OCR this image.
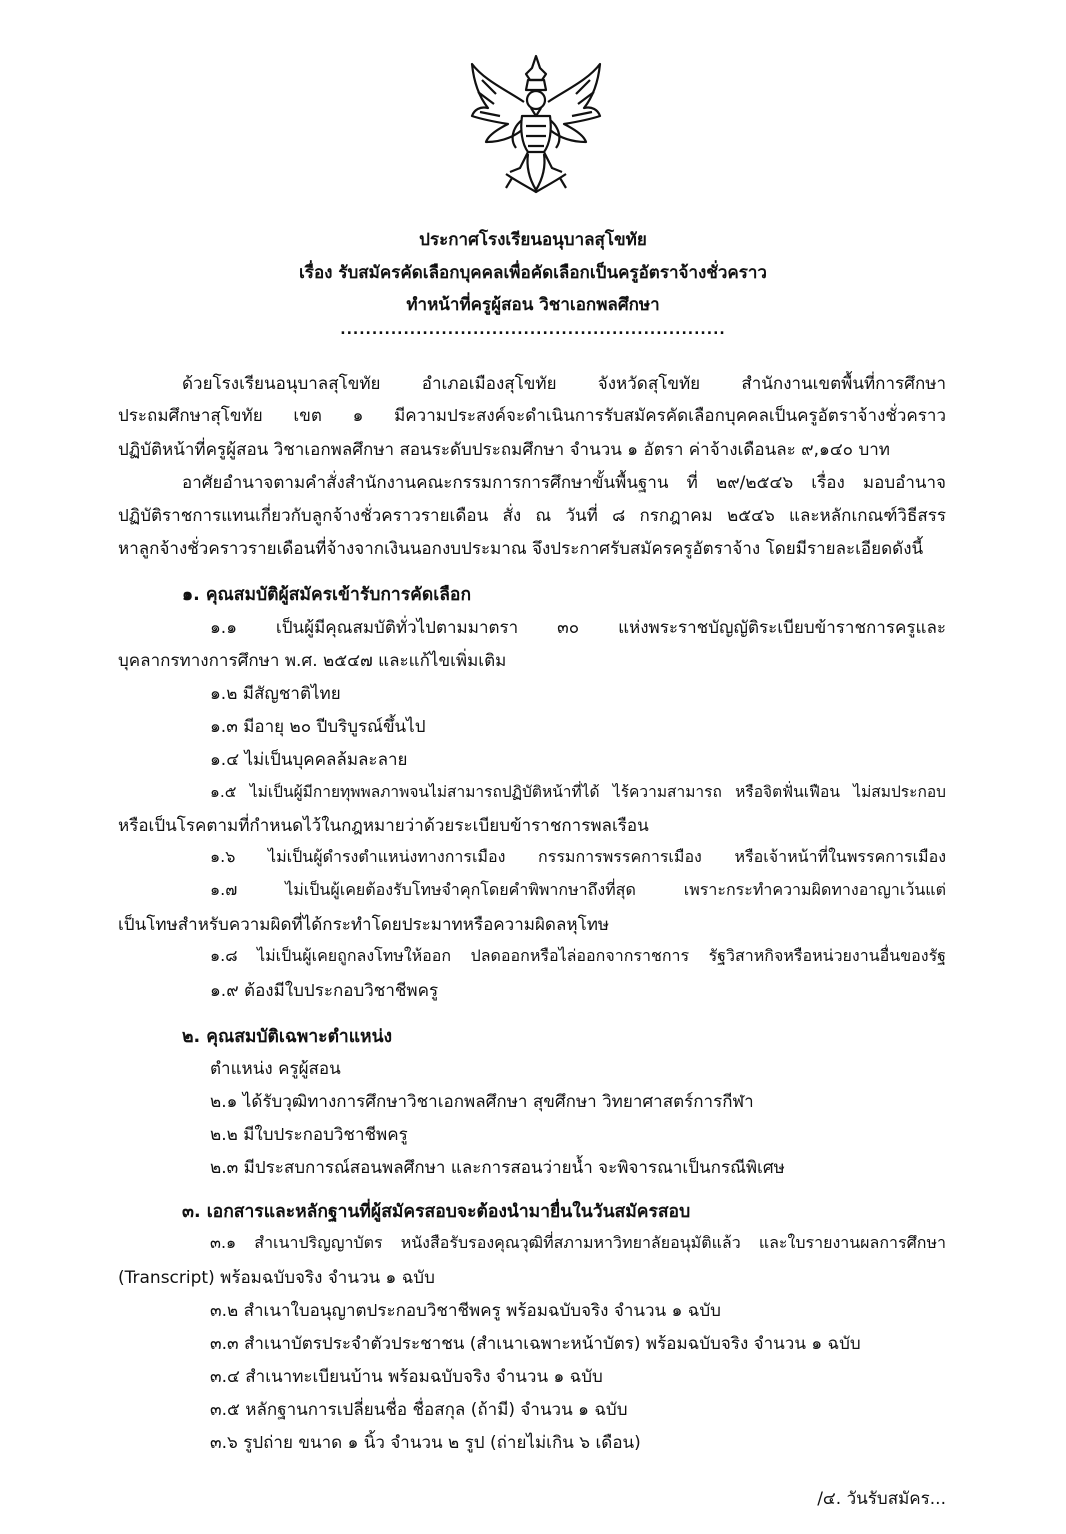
ประกาศโรงเรียนอนุบาลสุโขทัย
เรื่อง รับสมัครคัดเลือกบุคคลเพื่อคัดเลือกเป็นครูอัตราจ้างชั่วคราว
ทำหน้าที่ครูผู้สอน วิชาเอกพลศึกษา
.............................................................
ด้วยโรงเรียนอนุบาลสุโขทัย อำเภอเมืองสุโขทัย จังหวัดสุโขทัย สำนักงานเขตพื้นที่การศึกษา
ประถมศึกษาสุโขทัย เขต ๑ มีความประสงค์จะดำเนินการรับสมัครคัดเลือกบุคคลเป็นครูอัตราจ้างชั่วคราว
ปฏิบัติหน้าที่ครูผู้สอน วิชาเอกพลศึกษา สอนระดับประถมศึกษา จำนวน ๑ อัตรา ค่าจ้างเดือนละ ๙,๑๔๐ บาท
อาศัยอำนาจตามคำสั่งสำนักงานคณะกรรมการการศึกษาขั้นพื้นฐาน ที่ ๒๙/๒๕๔๖ เรื่อง มอบอำนาจ
ปฏิบัติราชการแทนเกี่ยวกับลูกจ้างชั่วคราวรายเดือน สั่ง ณ วันที่ ๘ กรกฎาคม ๒๕๔๖ และหลักเกณฑ์วิธีสรร
หาลูกจ้างชั่วคราวรายเดือนที่จ้างจากเงินนอกงบประมาณ จึงประกาศรับสมัครครูอัตราจ้าง โดยมีรายละเอียดดังนี้
๑. คุณสมบัติผู้สมัครเข้ารับการคัดเลือก
๑.๑ เป็นผู้มีคุณสมบัติทั่วไปตามมาตรา ๓๐ แห่งพระราชบัญญัติระเบียบข้าราชการครูและ
บุคลากรทางการศึกษา พ.ศ. ๒๕๔๗ และแก้ไขเพิ่มเติม
๑.๒ มีสัญชาติไทย
๑.๓ มีอายุ ๒๐ ปีบริบูรณ์ขึ้นไป
๑.๔ ไม่เป็นบุคคลล้มละลาย
๑.๕ ไม่เป็นผู้มีกายทุพพลภาพจนไม่สามารถปฏิบัติหน้าที่ได้ ไร้ความสามารถ หรือจิตฟั่นเฟือน ไม่สมประกอบ
หรือเป็นโรคตามที่กำหนดไว้ในกฎหมายว่าด้วยระเบียบข้าราชการพลเรือน
๑.๖ ไม่เป็นผู้ดำรงตำแหน่งทางการเมือง กรรมการพรรคการเมือง หรือเจ้าหน้าที่ในพรรคการเมือง
๑.๗ ไม่เป็นผู้เคยต้องรับโทษจำคุกโดยคำพิพากษาถึงที่สุด เพราะกระทำความผิดทางอาญาเว้นแต่
เป็นโทษสำหรับความผิดที่ได้กระทำโดยประมาทหรือความผิดลหุโทษ
๑.๘ ไม่เป็นผู้เคยถูกลงโทษให้ออก ปลดออกหรือไล่ออกจากราชการ รัฐวิสาหกิจหรือหน่วยงานอื่นของรัฐ
๑.๙ ต้องมีใบประกอบวิชาชีพครู
๒. คุณสมบัติเฉพาะตำแหน่ง
ตำแหน่ง ครูผู้สอน
๒.๑ ได้รับวุฒิทางการศึกษาวิชาเอกพลศึกษา สุขศึกษา วิทยาศาสตร์การกีฬา
๒.๒ มีใบประกอบวิชาชีพครู
๒.๓ มีประสบการณ์สอนพลศึกษา และการสอนว่ายน้ำ จะพิจารณาเป็นกรณีพิเศษ
๓. เอกสารและหลักฐานที่ผู้สมัครสอบจะต้องนำมายื่นในวันสมัครสอบ
๓.๑ สำเนาปริญญาบัตร หนังสือรับรองคุณวุฒิที่สภามหาวิทยาลัยอนุมัติแล้ว และใบรายงานผลการศึกษา
(Transcript) พร้อมฉบับจริง จำนวน ๑ ฉบับ
๓.๒ สำเนาใบอนุญาตประกอบวิชาชีพครู พร้อมฉบับจริง จำนวน ๑ ฉบับ
๓.๓ สำเนาบัตรประจำตัวประชาชน (สำเนาเฉพาะหน้าบัตร) พร้อมฉบับจริง จำนวน ๑ ฉบับ
๓.๔ สำเนาทะเบียนบ้าน พร้อมฉบับจริง จำนวน ๑ ฉบับ
๓.๕ หลักฐานการเปลี่ยนชื่อ ชื่อสกุล (ถ้ามี) จำนวน ๑ ฉบับ
๓.๖ รูปถ่าย ขนาด ๑ นิ้ว จำนวน ๒ รูป (ถ่ายไม่เกิน ๖ เดือน)
/๔. วันรับสมัคร...
